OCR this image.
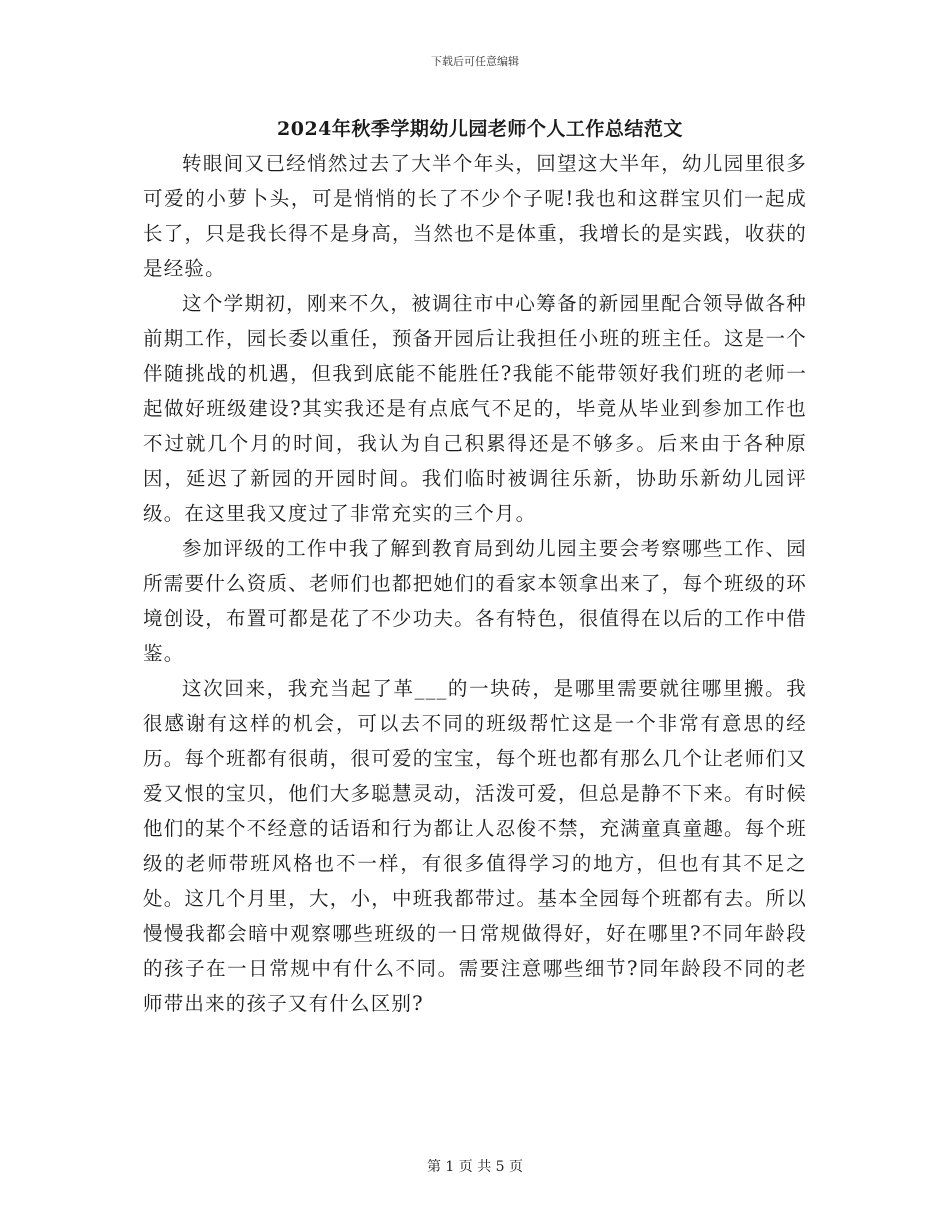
下载后可任意编辑
2024年秋季学期幼儿园老师个人工作总结范文

转眼间又已经悄然过去了大半个年头，回望这大半年，幼儿园里很多可爱的小萝卜头，可是悄悄的长了不少个子呢!我也和这群宝贝们一起成长了，只是我长得不是身高，当然也不是体重，我增长的是实践，收获的是经验。

这个学期初，刚来不久，被调往市中心筹备的新园里配合领导做各种前期工作，园长委以重任，预备开园后让我担任小班的班主任。这是一个伴随挑战的机遇，但我到底能不能胜任?我能不能带领好我们班的老师一起做好班级建设?其实我还是有点底气不足的，毕竟从毕业到参加工作也不过就几个月的时间，我认为自己积累得还是不够多。后来由于各种原因，延迟了新园的开园时间。我们临时被调往乐新，协助乐新幼儿园评级。在这里我又度过了非常充实的三个月。

参加评级的工作中我了解到教育局到幼儿园主要会考察哪些工作、园所需要什么资质、老师们也都把她们的看家本领拿出来了，每个班级的环境创设，布置可都是花了不少功夫。各有特色，很值得在以后的工作中借鉴。

这次回来，我充当起了革___的一块砖，是哪里需要就往哪里搬。我很感谢有这样的机会，可以去不同的班级帮忙这是一个非常有意思的经历。每个班都有很萌，很可爱的宝宝，每个班也都有那么几个让老师们又爱又恨的宝贝，他们大多聪慧灵动，活泼可爱，但总是静不下来。有时候他们的某个不经意的话语和行为都让人忍俊不禁，充满童真童趣。每个班级的老师带班风格也不一样，有很多值得学习的地方，但也有其不足之处。这几个月里，大，小，中班我都带过。基本全园每个班都有去。所以慢慢我都会暗中观察哪些班级的一日常规做得好，好在哪里?不同年龄段的孩子在一日常规中有什么不同。需要注意哪些细节?同年龄段不同的老师带出来的孩子又有什么区别?

第 1 页 共 5 页
